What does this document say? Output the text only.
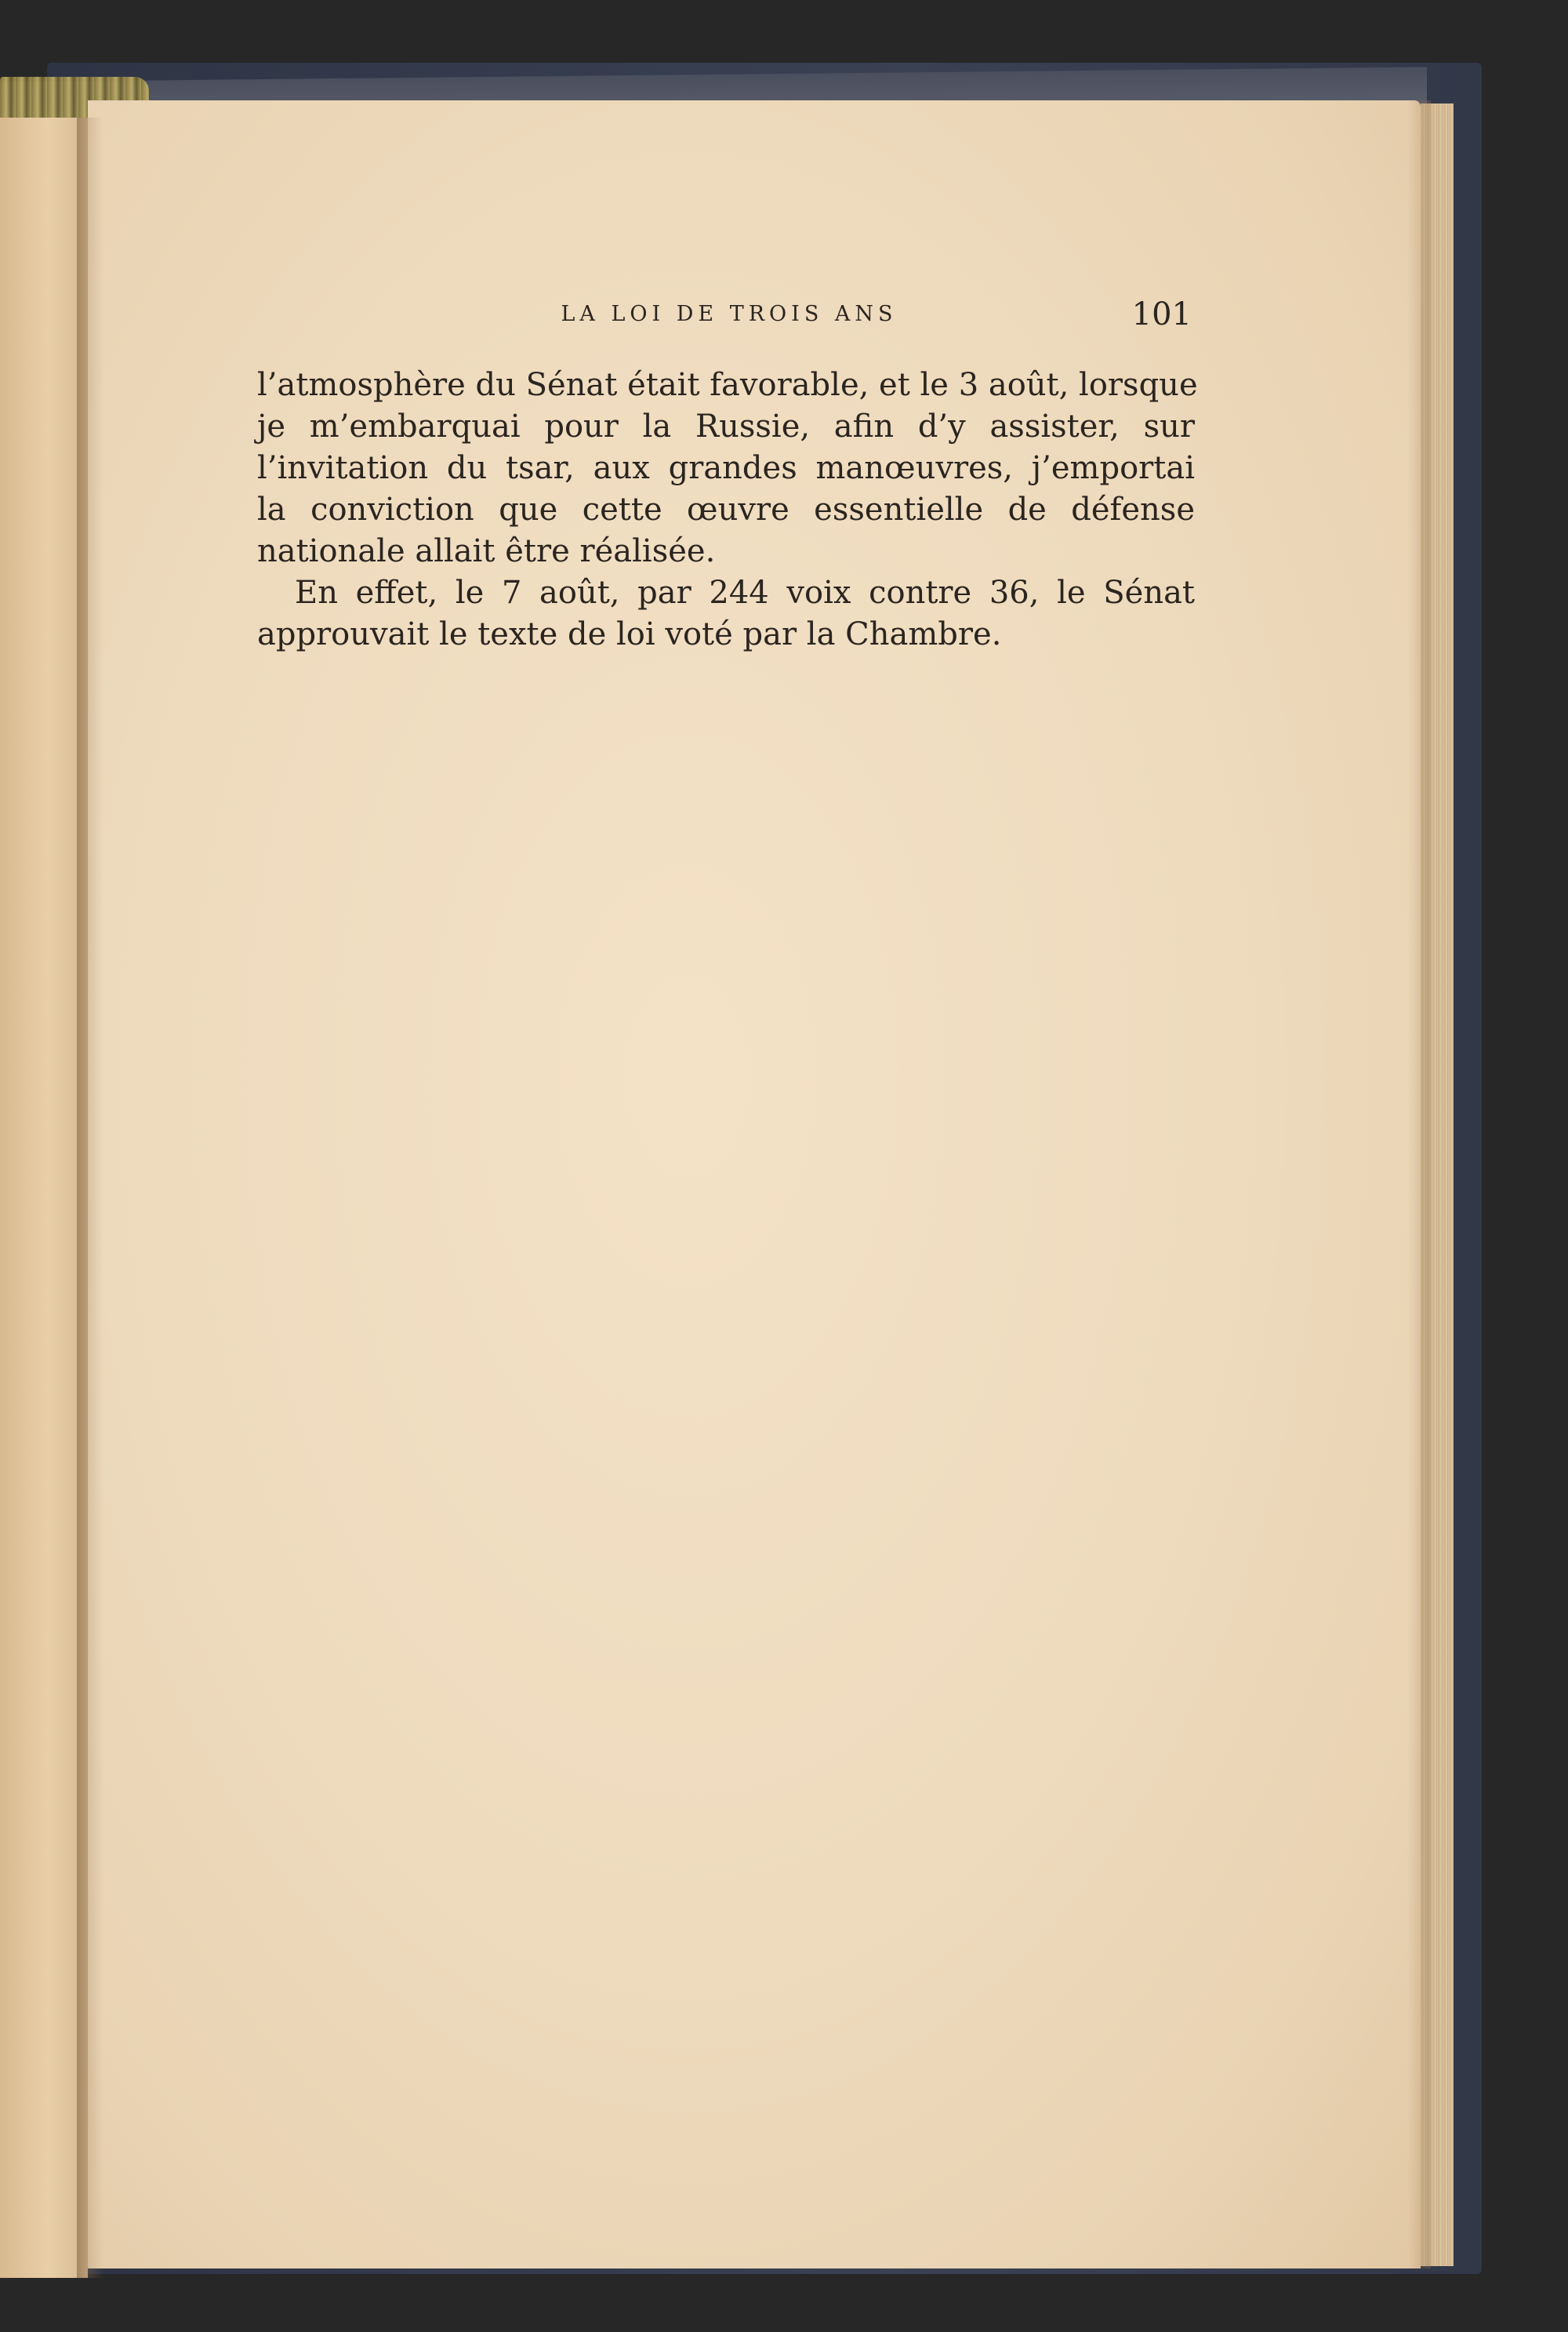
LA LOI DE TROIS ANS	101

l’atmosphère du Sénat était favorable, et le 3 août, lorsque
je m’embarquai pour la Russie, afin d’y assister, sur
l’invitation du tsar, aux grandes manœuvres, j’emportai
la conviction que cette œuvre essentielle de défense
nationale allait être réalisée.

En effet, le 7 août, par 244 voix contre 36, le Sénat
approuvait le texte de loi voté par la Chambre.
